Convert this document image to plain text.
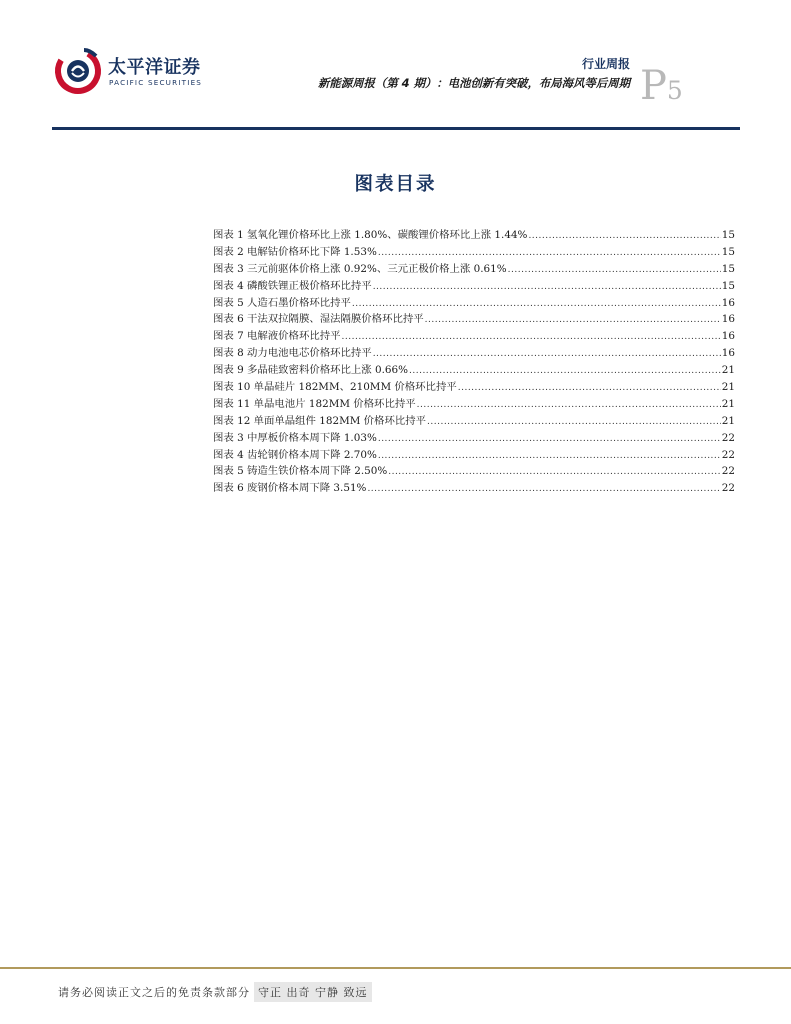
太平洋证券
PACIFIC SECURITIES
行业周报
新能源周报（第 4 期）：电池创新有突破，布局海风等后周期 P5
图表目录
图表 1 氢氧化锂价格环比上涨 1.80%、碳酸锂价格环比上涨 1.44% .....	15
图表 2 电解钴价格环比下降 1.53% .....	15
图表 3 三元前驱体价格上涨 0.92%、三元正极价格上涨 0.61% .....	15
图表 4 磷酸铁锂正极价格环比持平 .....	15
图表 5 人造石墨价格环比持平 .....	16
图表 6 干法双拉隔膜、湿法隔膜价格环比持平 .....	16
图表 7 电解液价格环比持平 .....	16
图表 8 动力电池电芯价格环比持平 .....	16
图表 9 多晶硅致密料价格环比上涨 0.66% .....	21
图表 10 单晶硅片 182MM、210MM 价格环比持平 .....	21
图表 11 单晶电池片 182MM 价格环比持平 .....	21
图表 12 单面单晶组件 182MM 价格环比持平 .....	21
图表 3 中厚板价格本周下降 1.03% .....	22
图表 4 齿轮钢价格本周下降 2.70% .....	22
图表 5 铸造生铁价格本周下降 2.50% .....	22
图表 6 废钢价格本周下降 3.51% .....	22
请务必阅读正文之后的免责条款部分 守正 出奇 宁静 致远
